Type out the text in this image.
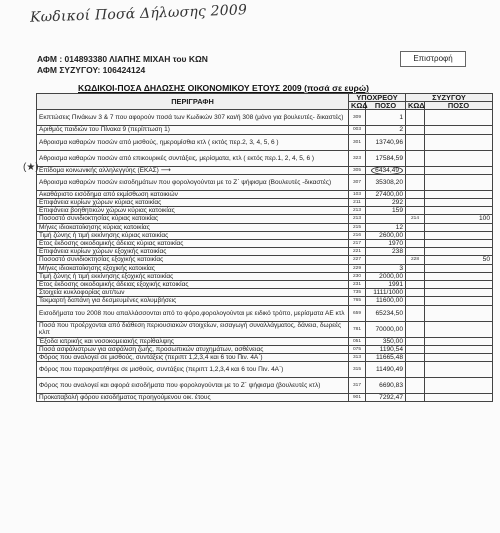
Κωδικοί Ποσά Δήλωσης 2009
ΑΦΜ : 014893380 ΛΙΑΠΗΣ ΜΙΧΑΗ του ΚΩΝ
ΑΦΜ ΣΥΖΥΓΟΥ: 106424124
Επιστροφή
ΚΩΔΙΚΟΙ-ΠΟΣΑ ΔΗΛΩΣΗΣ ΟΙΚΟΝΟΜΙΚΟΥ ΕΤΟΥΣ 2009 (ποσά σε ευρώ)
ΠΕΡΙΓΡΑΦΗ	ΥΠΟΧΡΕΟΥ		ΣΥΖΥΓΟΥ	
	ΚΩΔ	ΠΟΣΟ	ΚΩΔ	ΠΟΣΟ
Εκπτώσεις Πινάκων 3 & 7 που αφορούν ποσά των Κωδικών 307 και/ή 308 (μόνο για βουλευτές- δικαστές)	309	1		
Αριθμός παιδιών του Πίνακα 9 (περίπτωση 1)	003	2		
Αθροισμα καθαρών ποσών από μισθούς, ημερομίσθια κτλ ( εκτός περ.2, 3, 4, 5, 6 )	301	13740,96		
Αθροισμα καθαρών ποσών από επικουρικές συντάξεις, μερίσματα, κτλ ( εκτός περ.1, 2, 4, 5, 6 )	323	17584,59		

(★) Επίδομα κοινωνικής αλληλεγγύης (ΕΚΑΣ) ⟶	305	6434,49		
Αθροισμα καθαρών ποσών εισοδημάτων που φορολογούνται με το Ζ΄ ψήφισμα (Βουλευτές -δικαστές)	307	35308,20		
Ακαθάριστο εισόδημα από εκμίσθωση κατοικιών	103	27400,00		
Επιφάνεια κυρίων χώρων κύριας κατοικίας	211	292		
Επιφάνεια βοηθητικών χώρων κύριας κατοικίας	213	159		
Ποσοστό συνιδιοκτησίας κύριας κατοικίας	213		214	100
Μήνες ιδιοκατοίκησης κύριας κατοικίας	215	12		
Τιμή ζώνης ή τιμή εκκίνησης κύριας κατοικίας	216	2600,00		
Ετος έκδοσης οικοδομικής άδειας κύριας κατοικίας	217	1970		
Επιφάνεια κυρίων χώρων εξοχικής κατοικίας	221	238		
Ποσοστό συνιδιοκτησίας εξοχικής κατοικίας	227		228	50
Μήνες ιδιοκατοίκησης εξοχικής κατοικίας	229	3		
Τιμή ζώνης ή τιμή εκκίνησης εξοχικής κατοικίας	230	2000,00		
Ετος έκδοσης οικοδομικής άδειας εξοχικής κατοικίας	231	1991		
Στοιχεία κυκλοφορίας αυτ/των	735	1111/1000		
Τεκμαρτή δαπάνη για δεσμευμένες κολυμβήσεις	765	11600,00		
Εισοδήματα του 2008 που απαλλάσσονται από το φόρο,φορολογούνται με ειδικό τρόπο, μερίσματα ΑΕ κτλ	659	65234,50		
Ποσά που προέρχονται από διάθεση περιουσιακών στοιχείων, εισαγωγή συναλλάγματος, δάνεια, δωρεές κλπ	781	70000,00		
Έξοδα ιατρικής και νοσοκομειακής περίθαλψης	051	350,00		
Ποσά ασφάλιστρων για ασφάλιση ζωής, προσωπικών ατυχημάτων, ασθένειας	075	1190,54		
Φόρος που αναλογεί σε μισθούς, συντάξεις (περιπτ 1,2,3,4 και 6 του Πιν. 4Α΄)	313	11665,48		
Φόρος που παρακρατήθηκε σε μισθούς, συντάξεις (περιπτ 1,2,3,4 και 6 του Πιν. 4Α΄)	315	11490,49		
Φόρος που αναλογεί και αφορά εισοδήματα που φορολογούνται με το Ζ΄ ψήφισμα (βουλευτές κτλ)	317	6690,83		
Προκαταβολή φόρου εισοδήματος προηγούμενου οικ. έτους	901	7292,47		
